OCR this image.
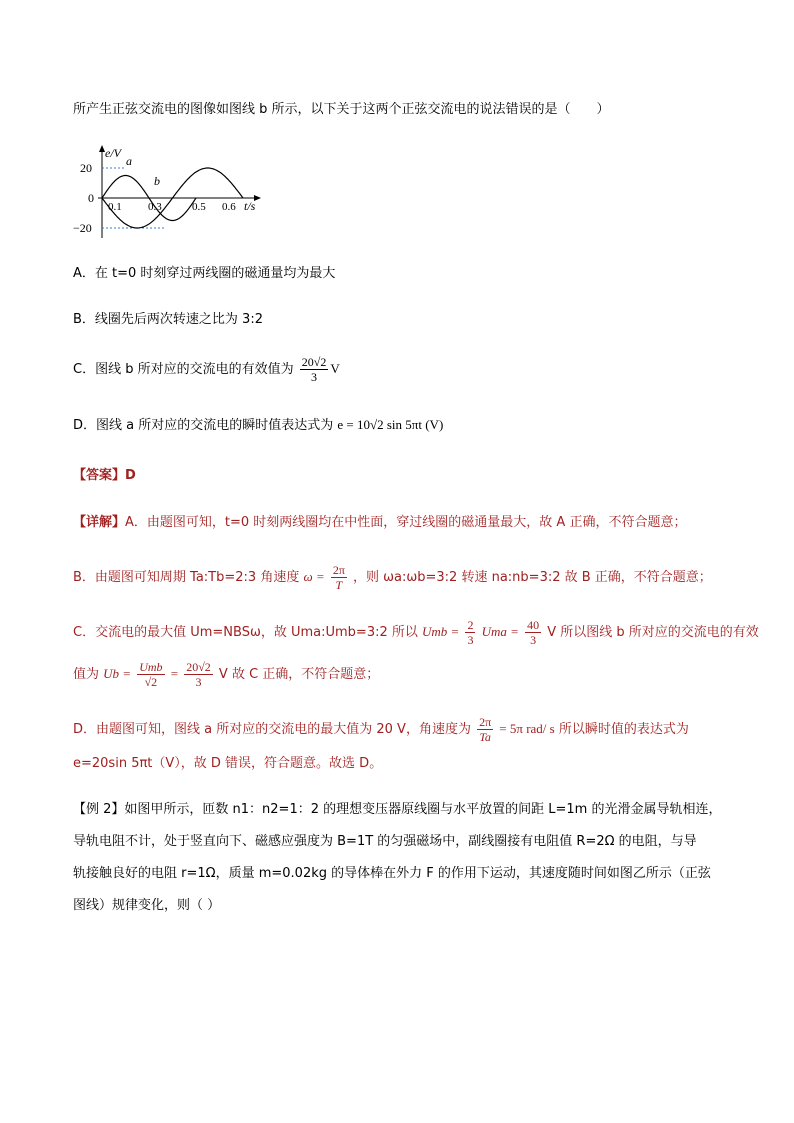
所产生正弦交流电的图像如图线 b 所示，以下关于这两个正弦交流电的说法错误的是（　　）
e/V
a
b
20
0
−20
0.1 0.3	0.5 0.6 t/s
A．在 t=0 时刻穿过两线圈的磁通量均为最大
B．线圈先后两次转速之比为 3:2
C．图线 b 所对应的交流电的有效值为 $\frac{20√2}{3}$ V
D．图线 a 所对应的交流电的瞬时值表达式为 e = 10√2 sin 5πt (V)
【答案】D
【详解】A．由题图可知，t=0 时刻两线圈均在中性面，穿过线圈的磁通量最大，故 A 正确，不符合题意；
B．由题图可知周期 Ta:Tb=2:3 角速度 $\omega = \frac{2\pi}{T}$ ，则 ωa:ωb=3:2 转速 na:nb=3:2 故 B 正确，不符合题意；
C．交流电的最大值 Um=NBSω，故 Uma:Umb=3:2 所以 Umb = $\frac{2}{3}$ Uma = $\frac{40}{3}$ V 所以图线 b 所对应的交流电的有效
值为 $Ub = \frac{\text{Umb}}{√2} = \frac{20√2}{3}$ V 故 C 正确，不符合题意；
D．由题图可知，图线 a 所对应的交流电的最大值为 20 V，角速度为 $\frac{2\pi}{Ta} = 5\pi$ rad/ s 所以瞬时值的表达式为
e=20sin 5πt（V），故 D 错误，符合题意。故选 D。
【例 2】如图甲所示，匝数 n1：n2=1：2 的理想变压器原线圈与水平放置的间距 L=1m 的光滑金属导轨相连，
导轨电阻不计，处于竖直向下、磁感应强度为 B=1T 的匀强磁场中，副线圈接有电阻值 R=2Ω 的电阻，与导
轨接触良好的电阻 r=1Ω，质量 m=0.02kg 的导体棒在外力 F 的作用下运动，其速度随时间如图乙所示（正弦
图线）规律变化，则（ ）
